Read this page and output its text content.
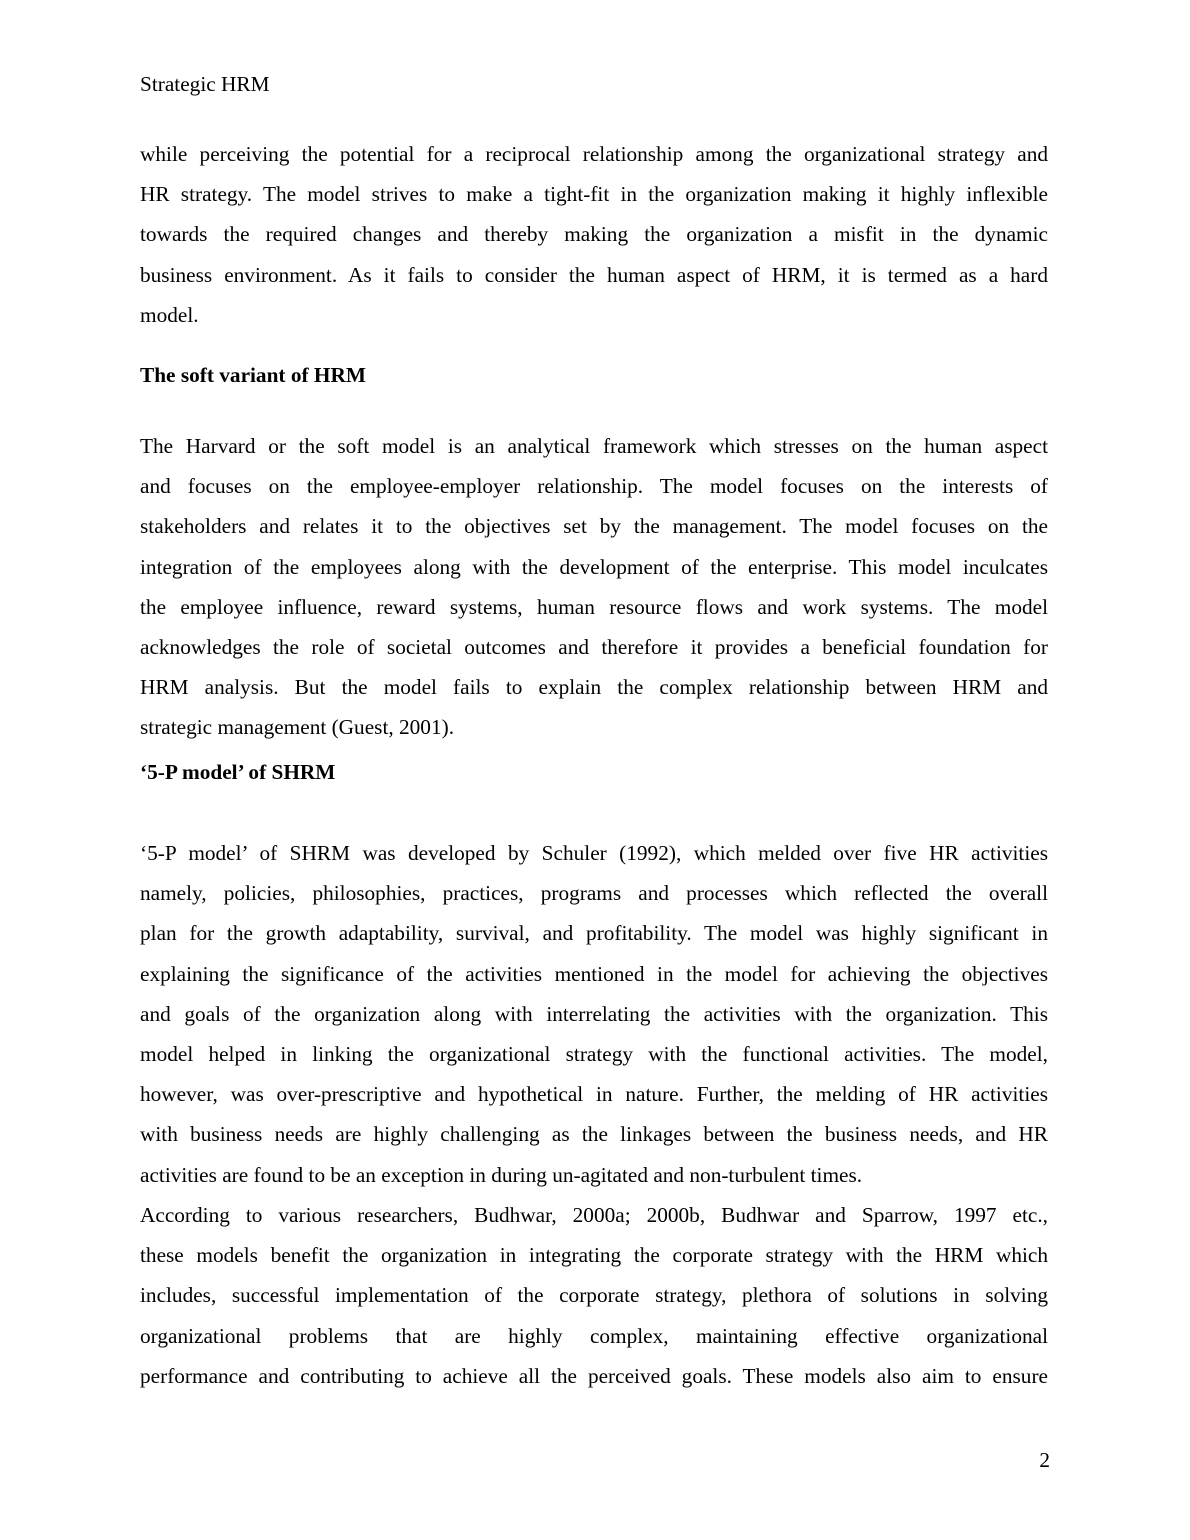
Strategic HRM
while perceiving the potential for a reciprocal relationship among the organizational strategy and
HR strategy. The model strives to make a tight-fit in the organization making it highly inflexible
towards the required changes and thereby making the organization a misfit in the dynamic
business environment. As it fails to consider the human aspect of HRM, it is termed as a hard
model.
The soft variant of HRM
The Harvard or the soft model is an analytical framework which stresses on the human aspect
and focuses on the employee-employer relationship. The model focuses on the interests of
stakeholders and relates it to the objectives set by the management. The model focuses on the
integration of the employees along with the development of the enterprise. This model inculcates
the employee influence, reward systems, human resource flows and work systems. The model
acknowledges the role of societal outcomes and therefore it provides a beneficial foundation for
HRM analysis. But the model fails to explain the complex relationship between HRM and
strategic management (Guest, 2001).
‘5-P model’ of SHRM
‘5-P model’ of SHRM was developed by Schuler (1992), which melded over five HR activities
namely, policies, philosophies, practices, programs and processes which reflected the overall
plan for the growth adaptability, survival, and profitability. The model was highly significant in
explaining the significance of the activities mentioned in the model for achieving the objectives
and goals of the organization along with interrelating the activities with the organization. This
model helped in linking the organizational strategy with the functional activities. The model,
however, was over-prescriptive and hypothetical in nature. Further, the melding of HR activities
with business needs are highly challenging as the linkages between the business needs, and HR
activities are found to be an exception in during un-agitated and non-turbulent times.
According to various researchers, Budhwar, 2000a; 2000b, Budhwar and Sparrow, 1997 etc.,
these models benefit the organization in integrating the corporate strategy with the HRM which
includes, successful implementation of the corporate strategy, plethora of solutions in solving
organizational problems that are highly complex, maintaining effective organizational
performance and contributing to achieve all the perceived goals. These models also aim to ensure
2
